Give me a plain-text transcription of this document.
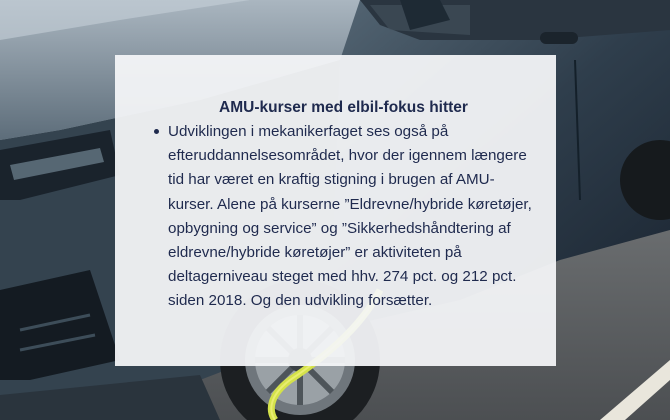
AMU-kurser med elbil-fokus hitter
Udviklingen i mekanikerfaget ses også på efteruddannelsesområdet, hvor der igennem længere tid har været en kraftig stigning i brugen af AMU-kurser. Alene på kurserne ”Eldrevne/hybride køretøjer, opbygning og service” og ”Sikkerhedshåndtering af eldrevne/hybride køretøjer” er aktiviteten på deltagerniveau steget med hhv. 274 pct. og 212 pct. siden 2018. Og den udvikling forsætter.
